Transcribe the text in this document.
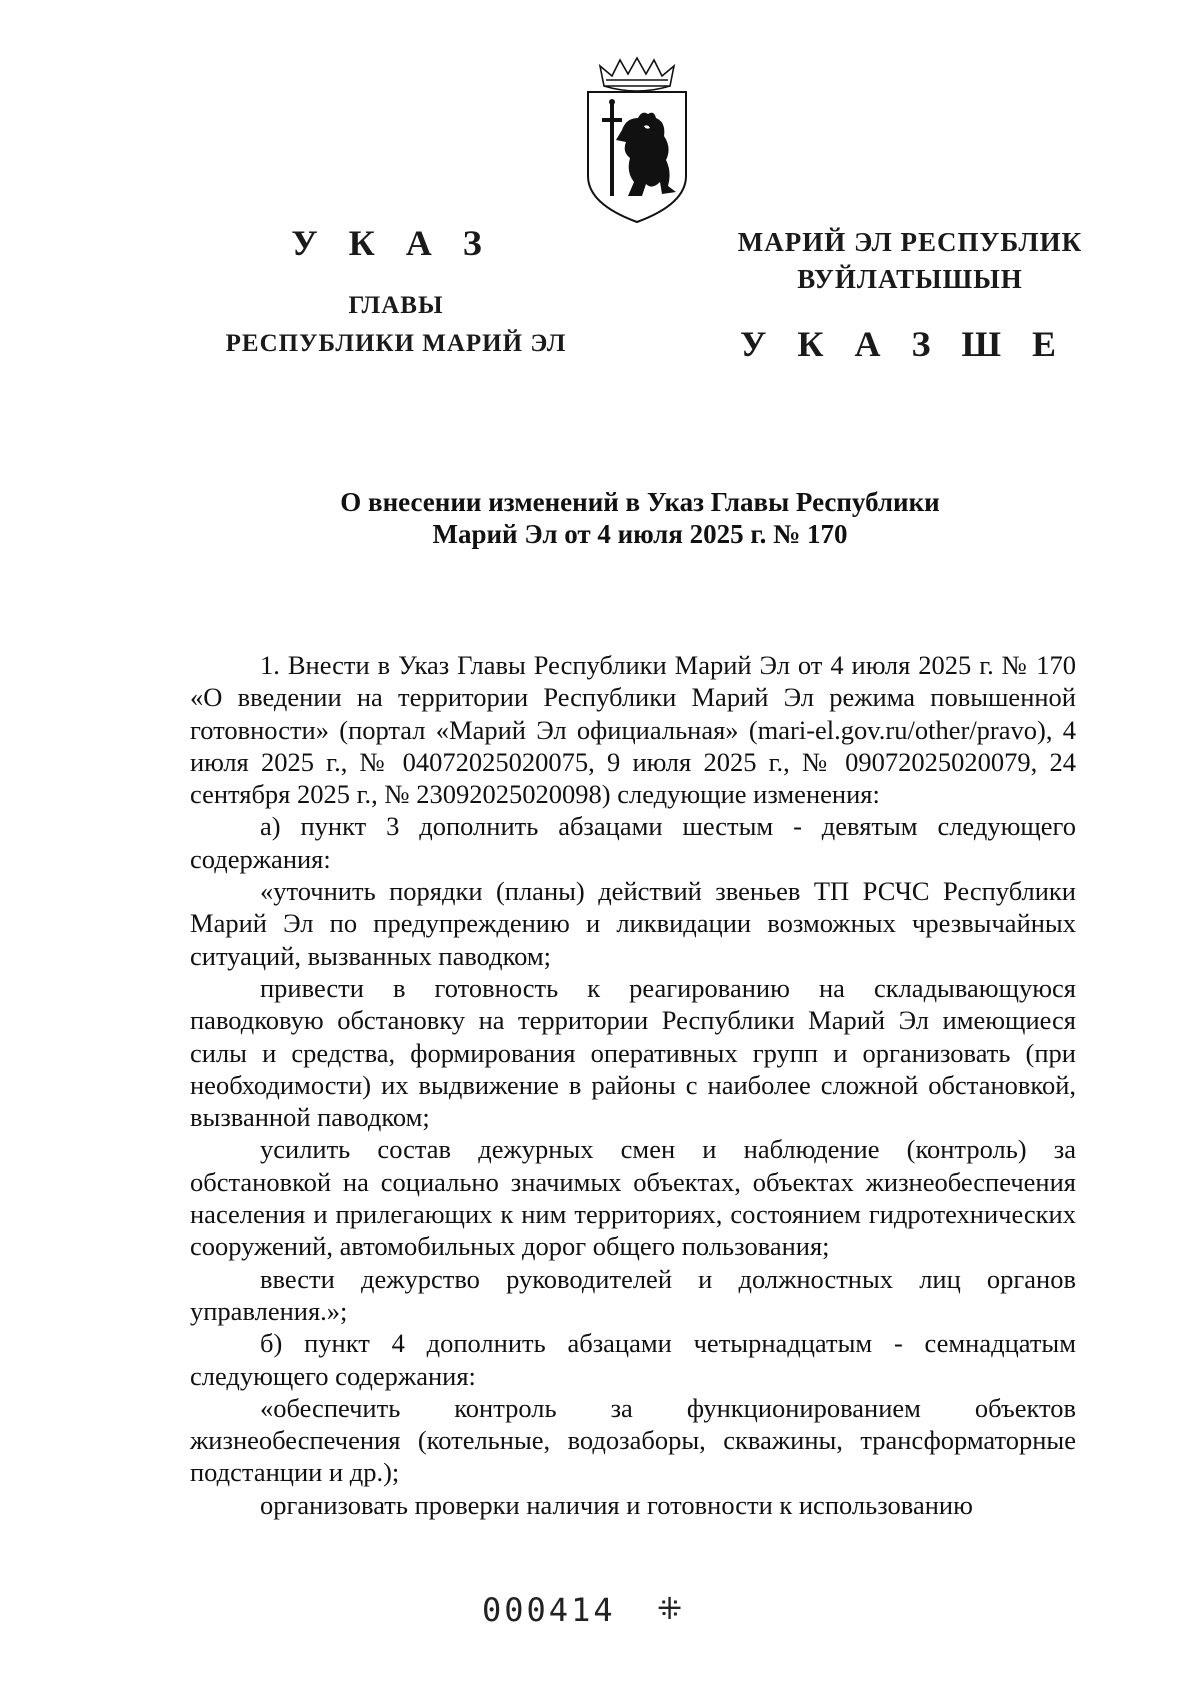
У К А З
ГЛАВЫ
РЕСПУБЛИКИ МАРИЙ ЭЛ
МАРИЙ ЭЛ РЕСПУБЛИК
ВУЙЛАТЫШЫН
У К А З Ш Е
О внесении изменений в Указ Главы Республики
Марий Эл от 4 июля 2025 г. № 170

1. Внести в Указ Главы Республики Марий Эл от 4 июля 2025 г. № 170 «О введении на территории Республики Марий Эл режима повышенной готовности» (портал «Марий Эл официальная» (mari-el.gov.ru/other/pravo), 4 июля 2025 г., № 04072025020075, 9 июля 2025 г., № 09072025020079, 24 сентября 2025 г., № 23092025020098) следующие изменения:

а) пункт 3 дополнить абзацами шестым - девятым следующего содержания:

«уточнить порядки (планы) действий звеньев ТП РСЧС Республики Марий Эл по предупреждению и ликвидации возможных чрезвычайных ситуаций, вызванных паводком;

привести в готовность к реагированию на складывающуюся паводковую обстановку на территории Республики Марий Эл имеющиеся силы и средства, формирования оперативных групп и организовать (при необходимости) их выдвижение в районы с наиболее сложной обстановкой, вызванной паводком;

усилить состав дежурных смен и наблюдение (контроль) за обстановкой на социально значимых объектах, объектах жизнеобеспечения населения и прилегающих к ним территориях, состоянием гидротехнических сооружений, автомобильных дорог общего пользования;

ввести дежурство руководителей и должностных лиц органов управления.»;

б) пункт 4 дополнить абзацами четырнадцатым - семнадцатым следующего содержания:

«обеспечить контроль за функционированием объектов жизнеобеспечения (котельные, водозаборы, скважины, трансформаторные подстанции и др.);

организовать проверки наличия и готовности к использованию

000414 ⁜
